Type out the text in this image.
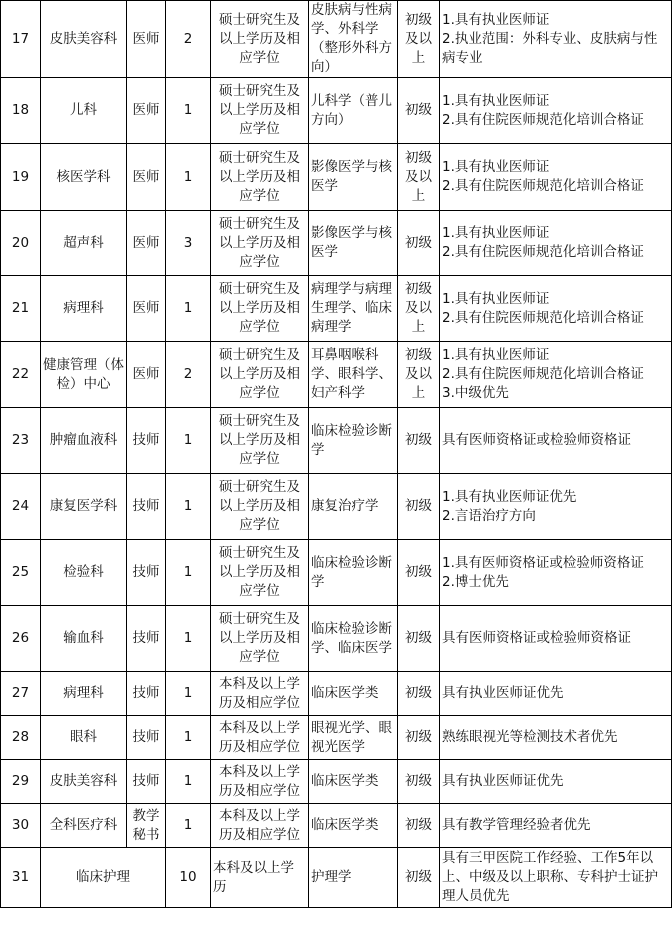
17	皮肤美容科	医师	2	硕士研究生及以上学历及相应学位	皮肤病与性病学、外科学（整形外科方向）	初级及以上	1.具有执业医师证
2.执业范围：外科专业、皮肤病与性病专业

18	儿科	医师	1	硕士研究生及以上学历及相应学位	儿科学（普儿方向）	初级	1.具有执业医师证
2.具有住院医师规范化培训合格证

19	核医学科	医师	1	硕士研究生及以上学历及相应学位	影像医学与核医学	初级及以上	1.具有执业医师证
2.具有住院医师规范化培训合格证

20	超声科	医师	3	硕士研究生及以上学历及相应学位	影像医学与核医学	初级	1.具有执业医师证
2.具有住院医师规范化培训合格证

21	病理科	医师	1	硕士研究生及以上学历及相应学位	病理学与病理生理学、临床病理学	初级及以上	1.具有执业医师证
2.具有住院医师规范化培训合格证

22	健康管理（体检）中心	医师	2	硕士研究生及以上学历及相应学位	耳鼻咽喉科学、眼科学、妇产科学	初级及以上	1.具有执业医师证
2.具有住院医师规范化培训合格证
3.中级优先

23	肿瘤血液科	技师	1	硕士研究生及以上学历及相应学位	临床检验诊断学	初级	具有医师资格证或检验师资格证

24	康复医学科	技师	1	硕士研究生及以上学历及相应学位	康复治疗学	初级	1.具有执业医师证优先
2.言语治疗方向

25	检验科	技师	1	硕士研究生及以上学历及相应学位	临床检验诊断学	初级	1.具有医师资格证或检验师资格证
2.博士优先

26	输血科	技师	1	硕士研究生及以上学历及相应学位	临床检验诊断学、临床医学	初级	具有医师资格证或检验师资格证

27	病理科	技师	1	本科及以上学历及相应学位	临床医学类	初级	具有执业医师证优先

28	眼科	技师	1	本科及以上学历及相应学位	眼视光学、眼视光医学	初级	熟练眼视光等检测技术者优先

29	皮肤美容科	技师	1	本科及以上学历及相应学位	临床医学类	初级	具有执业医师证优先

30	全科医疗科	教学秘书	1	本科及以上学历及相应学位	临床医学类	初级	具有教学管理经验者优先

31	临床护理		10	本科及以上学历	护理学	初级	具有三甲医院工作经验、工作5年以上、中级及以上职称、专科护士证护理人员优先
